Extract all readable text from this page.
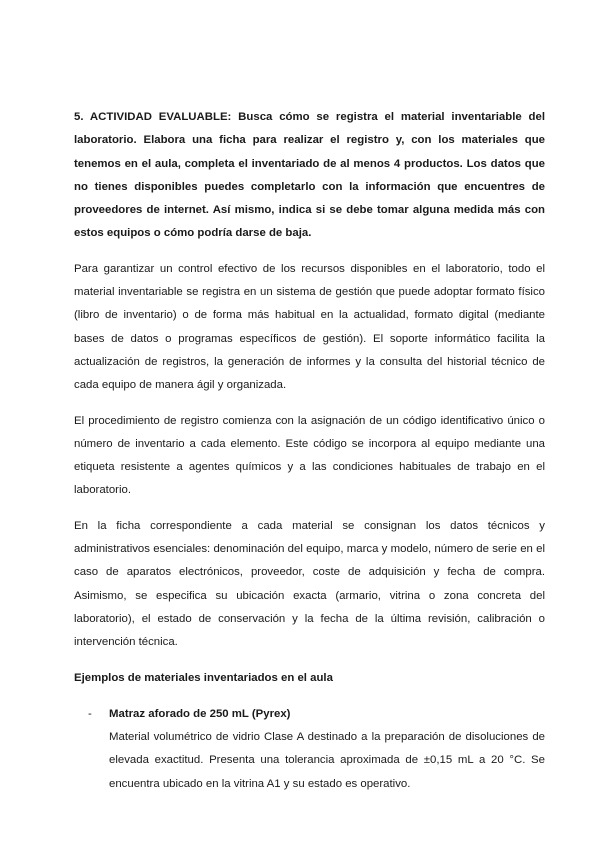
5. ACTIVIDAD EVALUABLE: Busca cómo se registra el material inventariable del laboratorio. Elabora una ficha para realizar el registro y, con los materiales que tenemos en el aula, completa el inventariado de al menos 4 productos. Los datos que no tienes disponibles puedes completarlo con la información que encuentres de proveedores de internet. Así mismo, indica si se debe tomar alguna medida más con estos equipos o cómo podría darse de baja.

Para garantizar un control efectivo de los recursos disponibles en el laboratorio, todo el material inventariable se registra en un sistema de gestión que puede adoptar formato físico (libro de inventario) o de forma más habitual en la actualidad, formato digital (mediante bases de datos o programas específicos de gestión). El soporte informático facilita la actualización de registros, la generación de informes y la consulta del historial técnico de cada equipo de manera ágil y organizada.

El procedimiento de registro comienza con la asignación de un código identificativo único o número de inventario a cada elemento. Este código se incorpora al equipo mediante una etiqueta resistente a agentes químicos y a las condiciones habituales de trabajo en el laboratorio.

En la ficha correspondiente a cada material se consignan los datos técnicos y administrativos esenciales: denominación del equipo, marca y modelo, número de serie en el caso de aparatos electrónicos, proveedor, coste de adquisición y fecha de compra. Asimismo, se especifica su ubicación exacta (armario, vitrina o zona concreta del laboratorio), el estado de conservación y la fecha de la última revisión, calibración o intervención técnica.

Ejemplos de materiales inventariados en el aula

- Matraz aforado de 250 mL (Pyrex)

Material volumétrico de vidrio Clase A destinado a la preparación de disoluciones de elevada exactitud. Presenta una tolerancia aproximada de ±0,15 mL a 20 °C. Se encuentra ubicado en la vitrina A1 y su estado es operativo.
